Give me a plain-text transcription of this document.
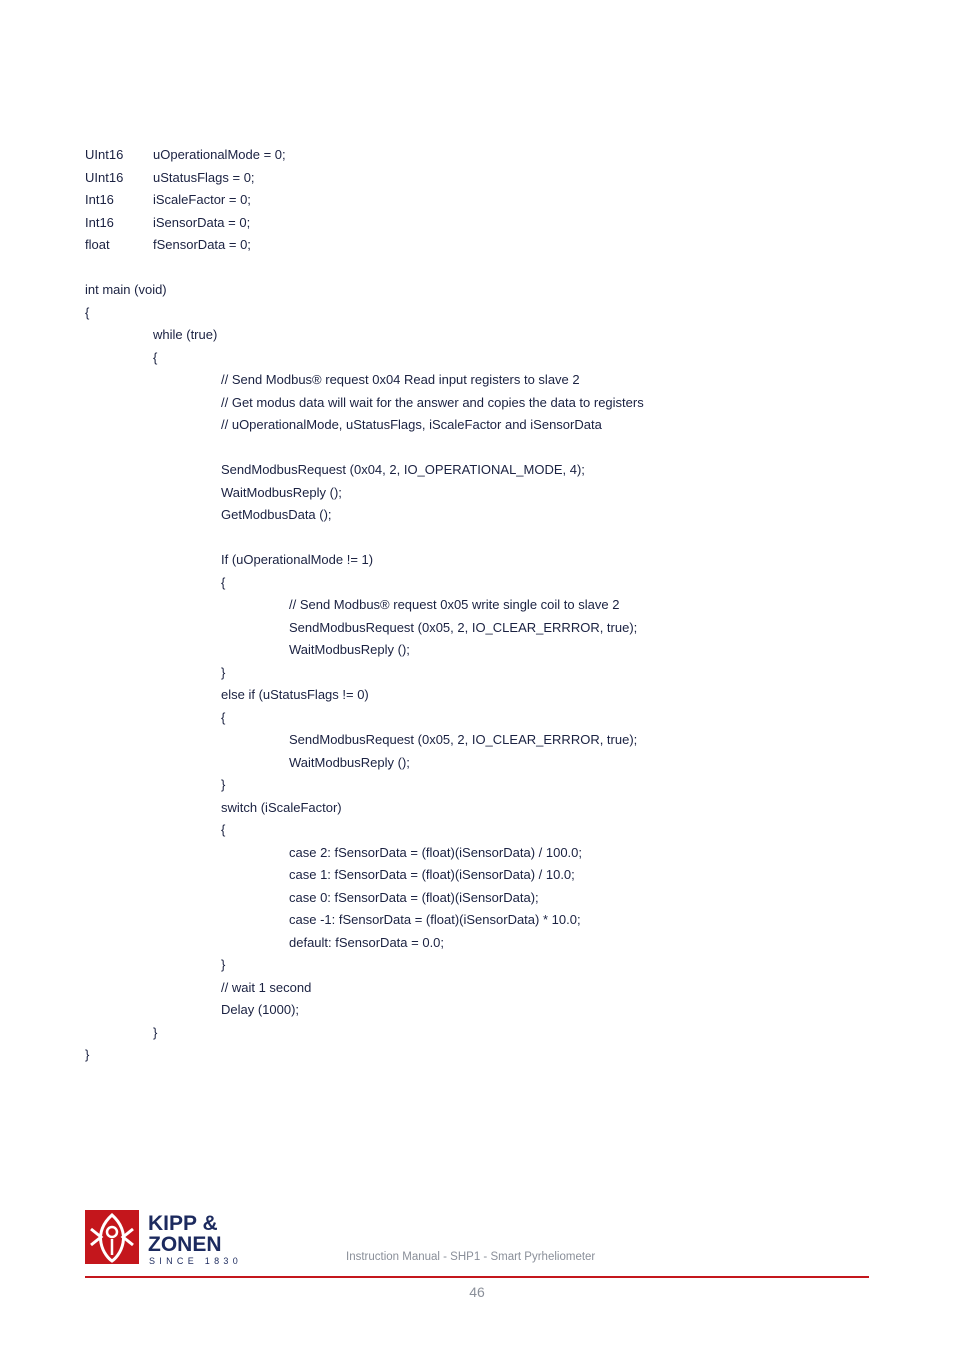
UInt16 uOperationalMode = 0;
UInt16 uStatusFlags = 0;
Int16	iScaleFactor = 0;
Int16	iSensorData = 0;
float	fSensorData = 0;
int main (void)
{
while (true)
{
// Send Modbus® request 0x04 Read input registers to slave 2
// Get modus data will wait for the answer and copies the data to registers
// uOperationalMode, uStatusFlags, iScaleFactor and iSensorData
SendModbusRequest (0x04, 2, IO_OPERATIONAL_MODE, 4);
WaitModbusReply ();
GetModbusData ();
If (uOperationalMode != 1)
{
// Send Modbus® request 0x05 write single coil to slave 2
SendModbusRequest (0x05, 2, IO_CLEAR_ERRROR, true);
WaitModbusReply ();
}
else if (uStatusFlags != 0)
{
SendModbusRequest (0x05, 2, IO_CLEAR_ERRROR, true);
WaitModbusReply ();
}
switch (iScaleFactor)
{
case 2: fSensorData = (float)(iSensorData) / 100.0;
case 1: fSensorData = (float)(iSensorData) / 10.0;
case 0: fSensorData = (float)(iSensorData);
case -1: fSensorData = (float)(iSensorData) * 10.0;
default: fSensorData = 0.0;
}
// wait 1 second
Delay (1000);
}
}
KIPP &
ZONEN
SINCE 1830	Instruction Manual - SHP1 - Smart Pyrheliometer
46
